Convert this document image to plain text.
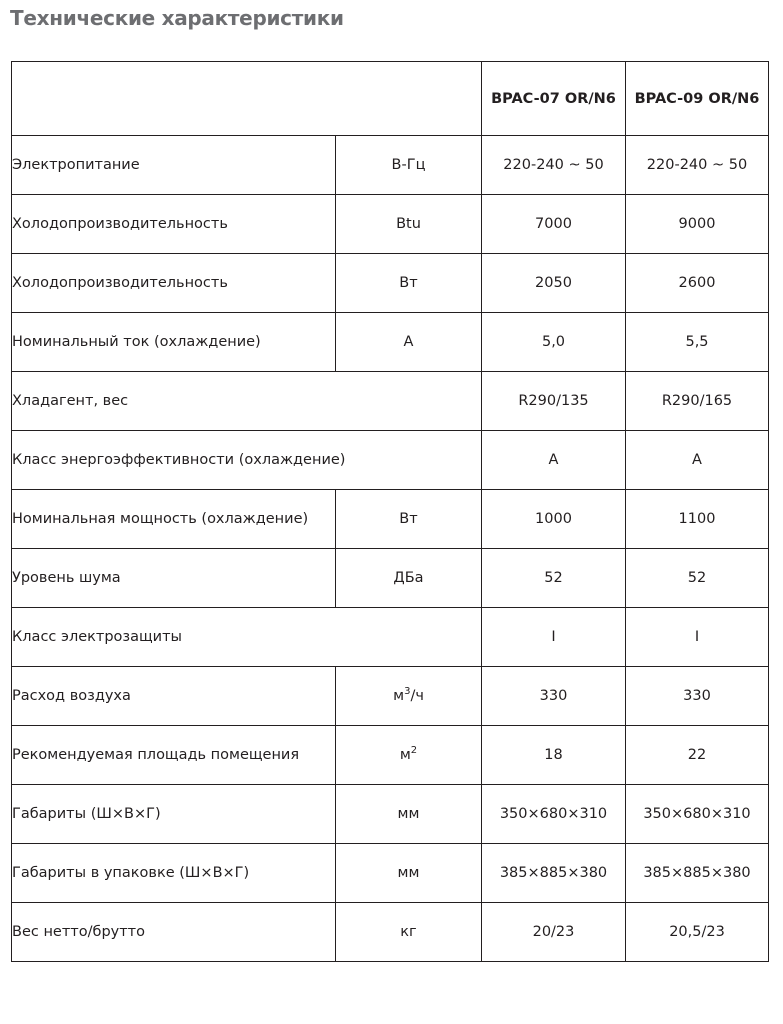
Технические характеристики
		BPAC-07 OR/N6	BPAC-09 OR/N6
Электропитание	В-Гц	220-240 ~ 50	220-240 ~ 50
Холодопроизводительность	Btu	7000	9000
Холодопроизводительность	Вт	2050	2600
Номинальный ток (охлаждение)	A	5,0	5,5
Хладагент, вес		R290/135	R290/165
Класс энергоэффективности (охлаждение)		A	A
Номинальная мощность (охлаждение)	Вт	1000	1100
Уровень шума	ДБа	52	52
Класс электрозащиты		I	I
Расход воздуха	$м^3/ч$	330	330
Рекомендуемая площадь помещения	$м^2$	18	22
Габариты (Ш×В×Г)	мм	350×680×310	350×680×310
Габариты в упаковке (Ш×В×Г)	мм	385×885×380	385×885×380
Вес нетто/брутто	кг	20/23	20,5/23
